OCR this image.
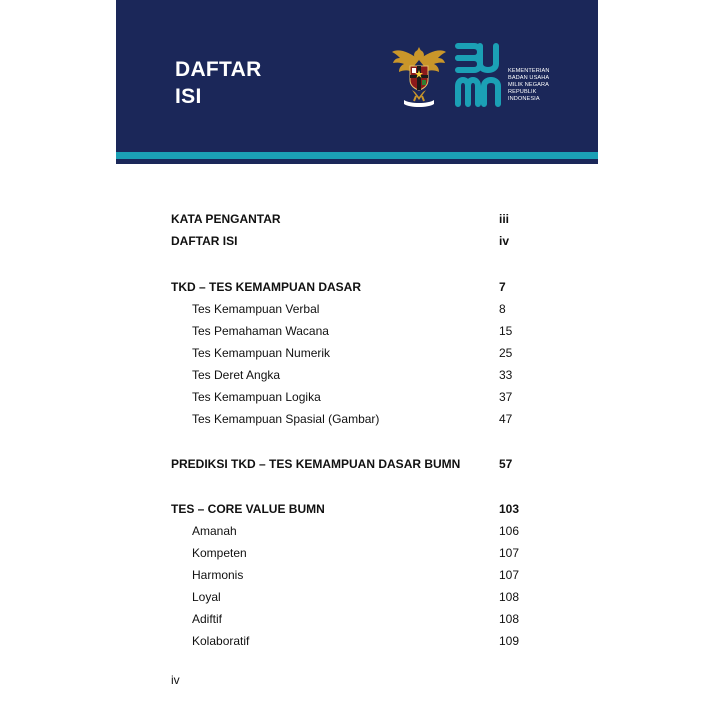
DAFTAR
ISI
KEMENTERIAN
BADAN USAHA
MILIK NEGARA
REPUBLIK
INDONESIA
KATA PENGANTAR	iii
DAFTAR ISI	iv
TKD – TES KEMAMPUAN DASAR	7
Tes Kemampuan Verbal	8
Tes Pemahaman Wacana	15
Tes Kemampuan Numerik	25
Tes Deret Angka	33
Tes Kemampuan Logika	37
Tes Kemampuan Spasial (Gambar)	47
PREDIKSI TKD – TES KEMAMPUAN DASAR BUMN	57
TES – CORE VALUE BUMN	103
Amanah	106
Kompeten	107
Harmonis	107
Loyal	108
Adiftif	108
Kolaboratif	109
iv
